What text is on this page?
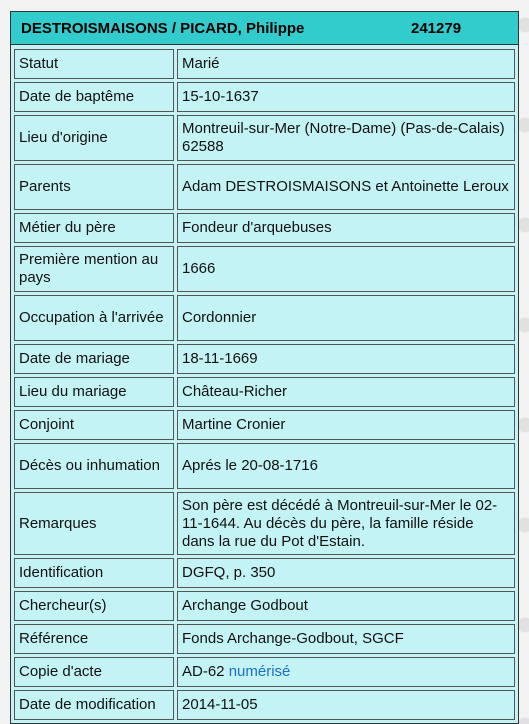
DESTROISMAISONS / PICARD, Philippe	241279
Statut	Marié
Date de baptême	15-10-1637
Lieu d'origine	Montreuil-sur-Mer (Notre-Dame) (Pas-de-Calais) 62588
Parents	Adam DESTROISMAISONS et Antoinette Leroux
Métier du père	Fondeur d'arquebuses
Première mention au pays	1666
Occupation à l'arrivée	Cordonnier
Date de mariage	18-11-1669
Lieu du mariage	Château-Richer
Conjoint	Martine Cronier
Décès ou inhumation	Aprés le 20-08-1716
Remarques	Son père est décédé à Montreuil-sur-Mer le 02-11-1644. Au décès du père, la famille réside dans la rue du Pot d'Estain.
Identification	DGFQ, p. 350
Chercheur(s)	Archange Godbout
Référence	Fonds Archange-Godbout, SGCF
Copie d'acte	AD-62 numérisé
Date de modification	2014-11-05
